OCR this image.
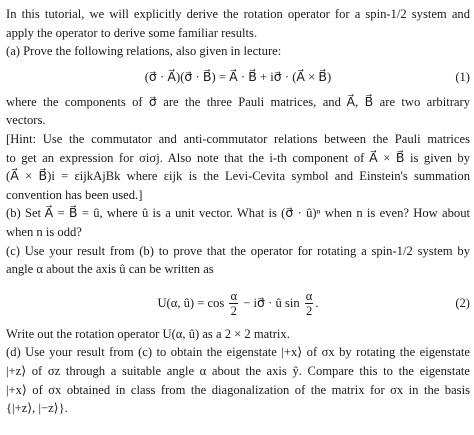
In this tutorial, we will explicitly derive the rotation operator for a spin-1/2 system and
apply the operator to derive some familiar results.
(a) Prove the following relations, also given in lecture:
(σ⃗ · A⃗)(σ⃗ · B⃗) = A⃗ · B⃗ + iσ⃗ · (A⃗ × B⃗)	(1)
where the components of σ⃗ are the three Pauli matrices, and A⃗, B⃗ are two arbitrary
vectors.
[Hint: Use the commutator and anti-commutator relations between the Pauli matrices
to get an expression for σiσj. Also note that the i-th component of A⃗ × B⃗ is given by
(A⃗ × B⃗)i = εijkAjBk where εijk is the Levi-Cevita symbol and Einstein's summation
convention has been used.]
(b) Set A⃗ = B⃗ = û, where û is a unit vector. What is (σ⃗ · û)ⁿ when n is even? How about
when n is odd?
(c) Use your result from (b) to prove that the operator for rotating a spin-1/2 system by
angle α about the axis û can be written as
U(α, û) = $\cos \frac{\alpha}{2}$ − iσ⃗ · û $\sin \frac{\alpha}{2}$ .	(2)
Write out the rotation operator U(α, û) as a 2 × 2 matrix.
(d) Use your result from (c) to obtain the eigenstate |+x⟩ of σx by rotating the eigenstate
|+z⟩ of σz through a suitable angle α about the axis ŷ. Compare this to the eigenstate
|+x⟩ of σx obtained in class from the diagonalization of the matrix for σx in the basis
{|+z⟩, |−z⟩}.
